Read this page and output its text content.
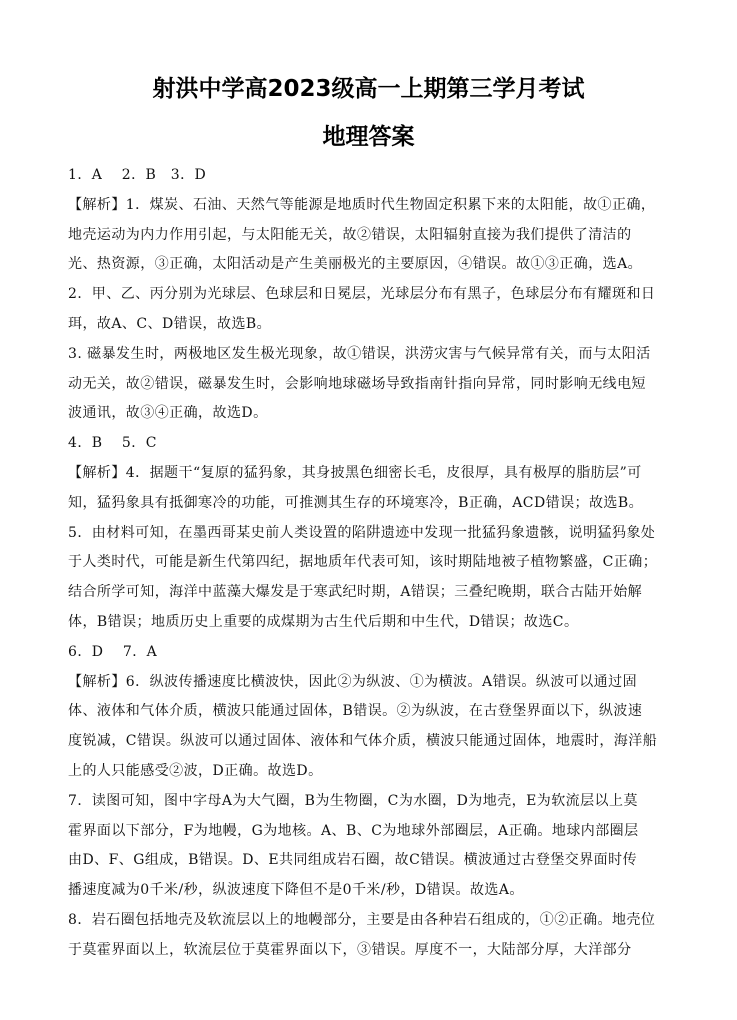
射洪中学高2023级高一上期第三学月考试
地理答案
1．A　 2．B　3．D
【解析】1．煤炭、石油、天然气等能源是地质时代生物固定积累下来的太阳能，故①正确，
地壳运动为内力作用引起，与太阳能无关，故②错误，太阳辐射直接为我们提供了清洁的
光、热资源，③正确，太阳活动是产生美丽极光的主要原因，④错误。故①③正确，选A。
2．甲、乙、丙分别为光球层、色球层和日冕层，光球层分布有黑子，色球层分布有耀斑和日
珥，故A、C、D错误，故选B。
3. 磁暴发生时，两极地区发生极光现象，故①错误，洪涝灾害与气候异常有关，而与太阳活
动无关，故②错误，磁暴发生时，会影响地球磁场导致指南针指向异常，同时影响无线电短
波通讯，故③④正确，故选D。
4．B　 5．C
【解析】4．据题干“复原的猛犸象，其身披黑色细密长毛，皮很厚，具有极厚的脂肪层”可
知，猛犸象具有抵御寒冷的功能，可推测其生存的环境寒冷，B正确，ACD错误；故选B。
5．由材料可知，在墨西哥某史前人类设置的陷阱遗迹中发现一批猛犸象遗骸，说明猛犸象处
于人类时代，可能是新生代第四纪，据地质年代表可知，该时期陆地被子植物繁盛，C正确；
结合所学可知，海洋中蓝藻大爆发是于寒武纪时期，A错误；三叠纪晚期，联合古陆开始解
体，B错误；地质历史上重要的成煤期为古生代后期和中生代，D错误；故选C。
6．D　 7．A
【解析】6．纵波传播速度比横波快，因此②为纵波、①为横波。A错误。纵波可以通过固
体、液体和气体介质，横波只能通过固体，B错误。②为纵波，在古登堡界面以下，纵波速
度锐减，C错误。纵波可以通过固体、液体和气体介质，横波只能通过固体，地震时，海洋船
上的人只能感受②波，D正确。故选D。
7．读图可知，图中字母A为大气圈，B为生物圈，C为水圈，D为地壳，E为软流层以上莫
霍界面以下部分，F为地幔，G为地核。A、B、C为地球外部圈层，A正确。地球内部圈层
由D、F、G组成，B错误。D、E共同组成岩石圈，故C错误。横波通过古登堡交界面时传
播速度减为0千米/秒，纵波速度下降但不是0千米/秒，D错误。故选A。
8．岩石圈包括地壳及软流层以上的地幔部分，主要是由各种岩石组成的，①②正确。地壳位
于莫霍界面以上，软流层位于莫霍界面以下，③错误。厚度不一，大陆部分厚，大洋部分
